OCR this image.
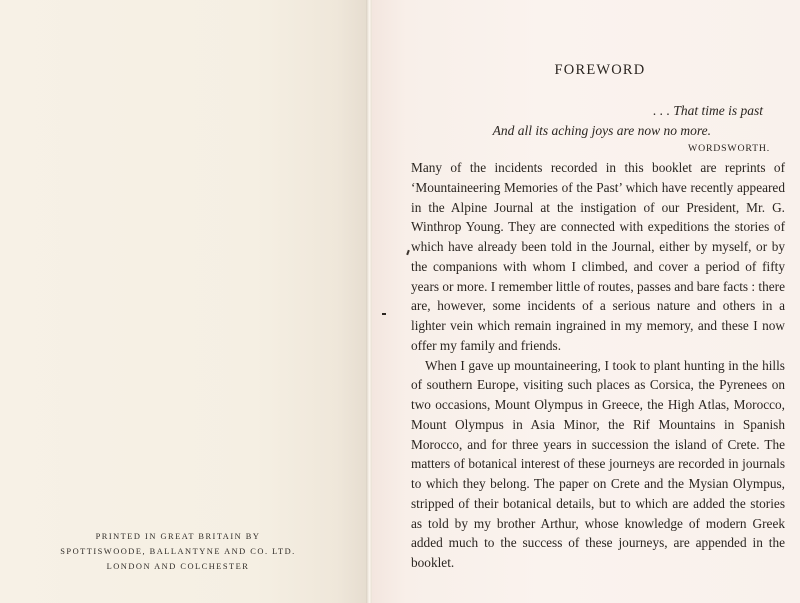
PRINTED IN GREAT BRITAIN BY
SPOTTISWOODE, BALLANTYNE AND CO. LTD.
LONDON AND COLCHESTER
FOREWORD
. . . That time is past
And all its aching joys are now no more.
WORDSWORTH.

Many of the incidents recorded in this booklet are reprints of ‘Mountaineering Memories of the Past’ which have recently appeared in the Alpine Journal at the instigation of our President, Mr. G. Winthrop Young. They are connected with expeditions the stories of which have already been told in the Journal, either by myself, or by the companions with whom I climbed, and cover a period of fifty years or more. I remember little of routes, passes and bare facts : there are, however, some incidents of a serious nature and others in a lighter vein which remain ingrained in my memory, and these I now offer my family and friends.

When I gave up mountaineering, I took to plant hunting in the hills of southern Europe, visiting such places as Corsica, the Pyrenees on two occasions, Mount Olympus in Greece, the High Atlas, Morocco, Mount Olympus in Asia Minor, the Rif Mountains in Spanish Morocco, and for three years in succession the island of Crete. The matters of botanical interest of these journeys are recorded in journals to which they belong. The paper on Crete and the Mysian Olympus, stripped of their botanical details, but to which are added the stories as told by my brother Arthur, whose knowledge of modern Greek added much to the success of these journeys, are appended in the booklet.
